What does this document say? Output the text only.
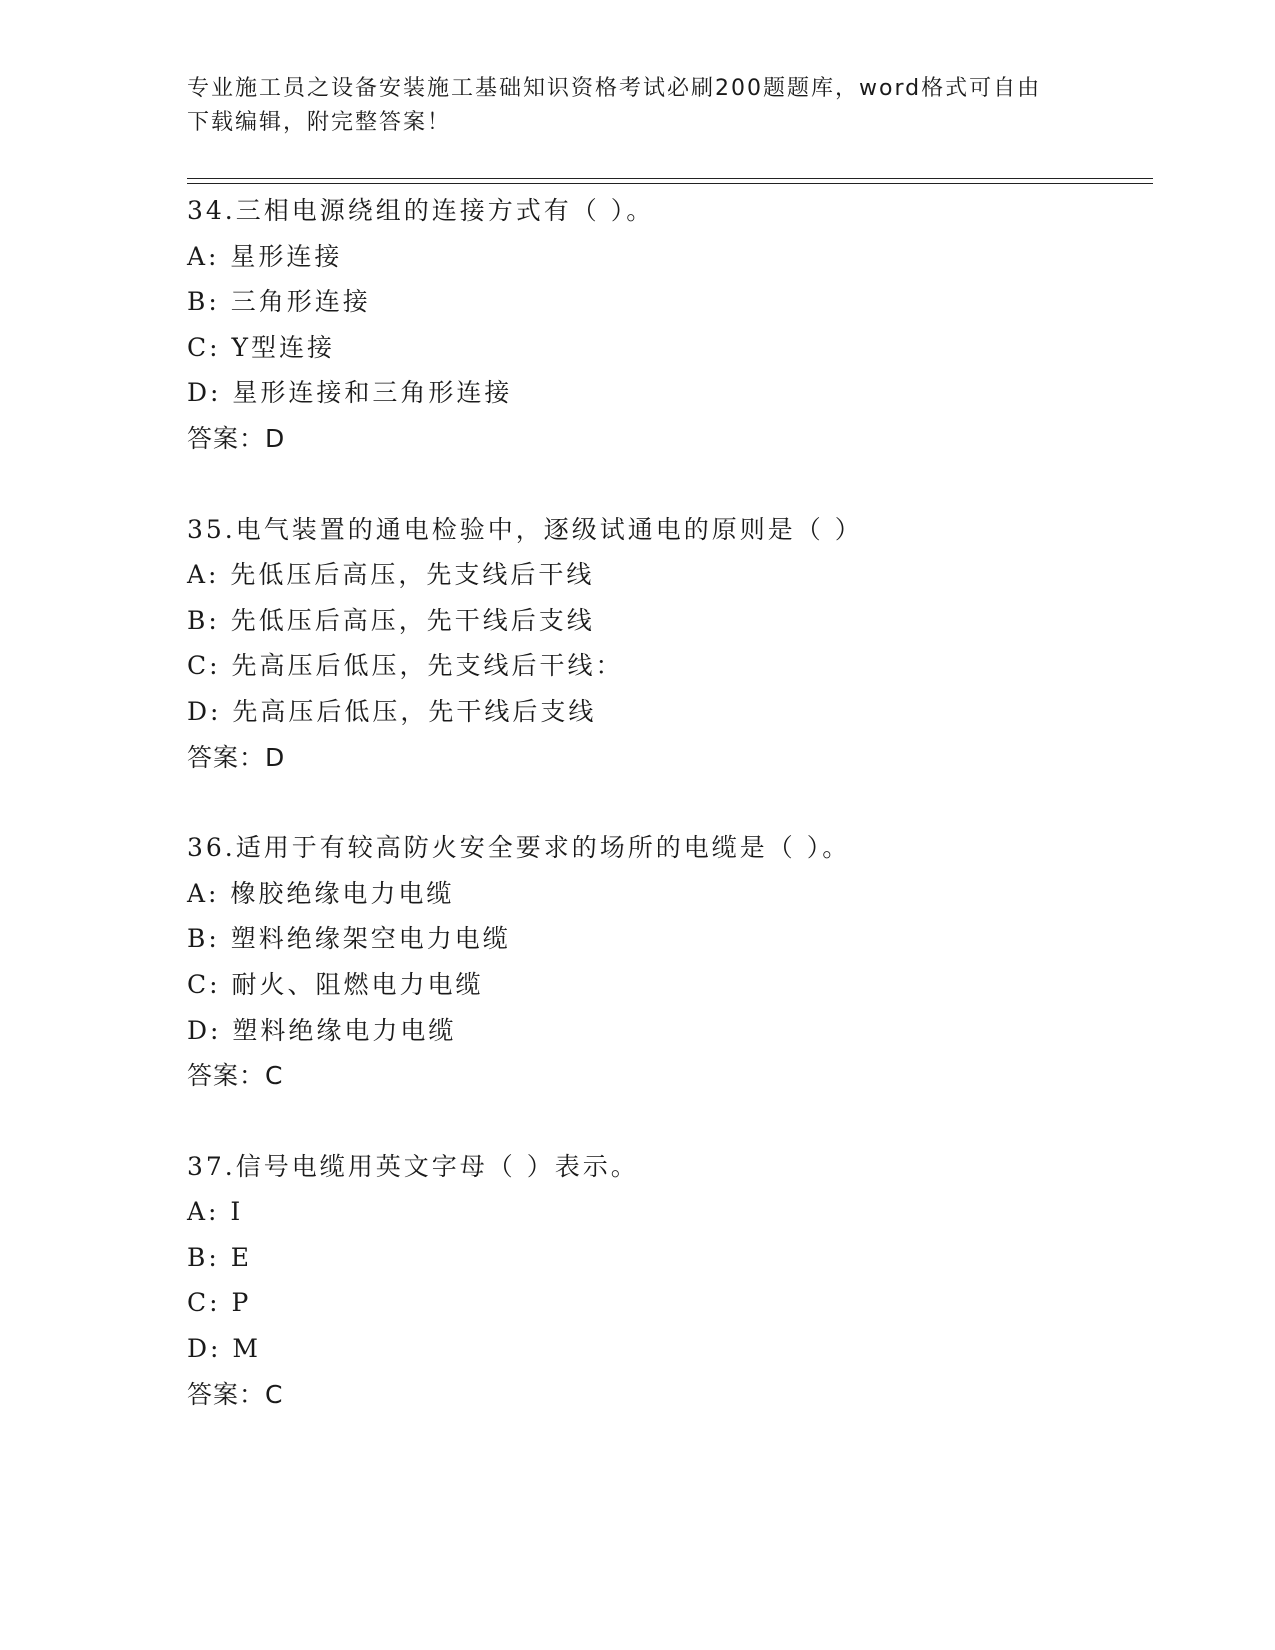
专业施工员之设备安装施工基础知识资格考试必刷200题题库，word格式可自由
下载编辑，附完整答案！
34.三相电源绕组的连接方式有（ ）。
A: 星形连接
B: 三角形连接
C: Y型连接
D: 星形连接和三角形连接
答案：D
35.电气装置的通电检验中，逐级试通电的原则是（ ）
A: 先低压后高压，先支线后干线
B: 先低压后高压，先干线后支线
C: 先高压后低压，先支线后干线：
D: 先高压后低压，先干线后支线
答案：D
36.适用于有较高防火安全要求的场所的电缆是（ ）。
A: 橡胶绝缘电力电缆
B: 塑料绝缘架空电力电缆
C: 耐火、阻燃电力电缆
D: 塑料绝缘电力电缆
答案：C
37.信号电缆用英文字母（ ）表示。
A: I
B: E
C: P
D: M
答案：C
